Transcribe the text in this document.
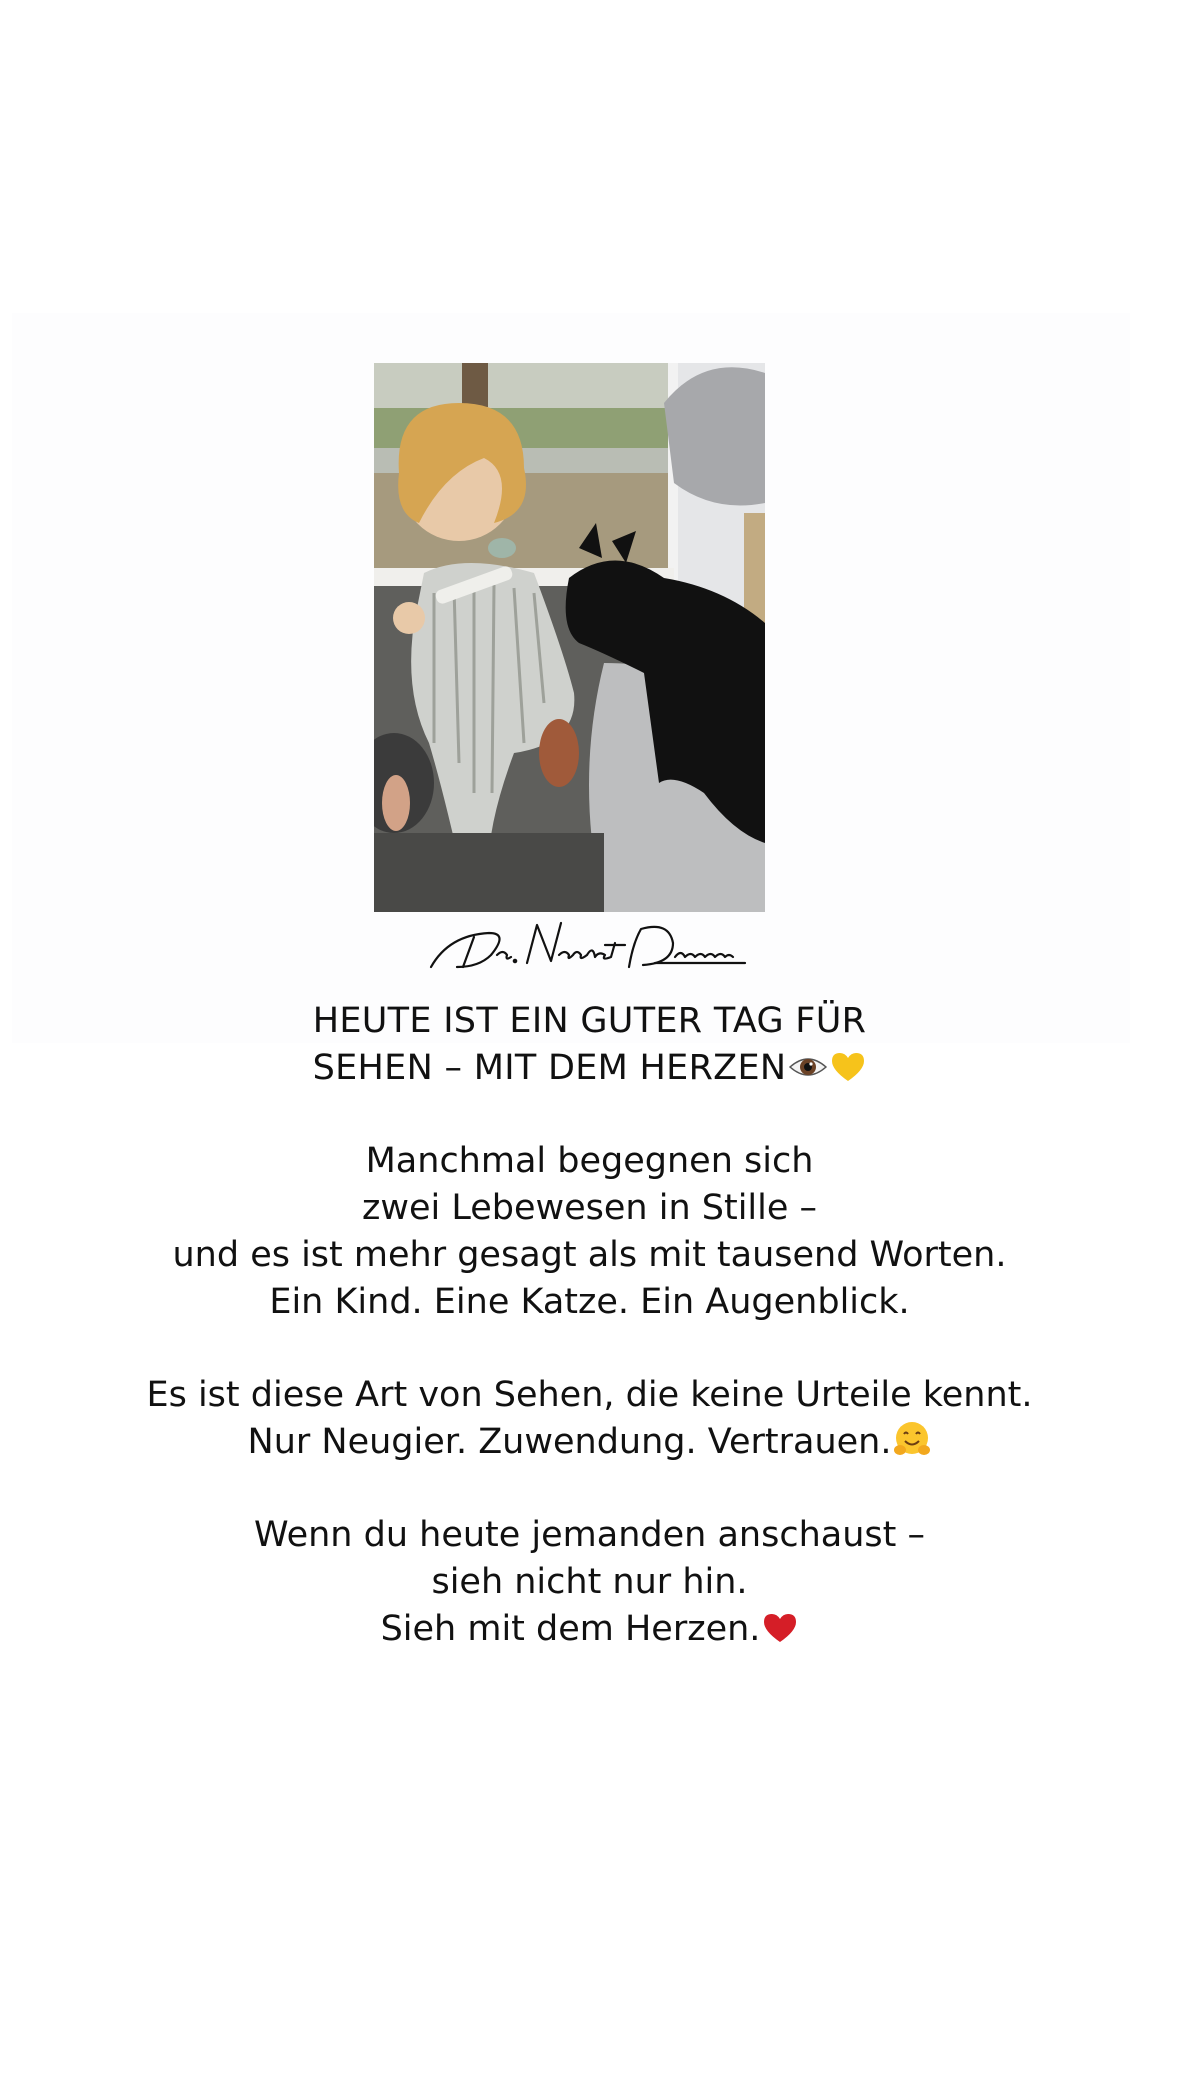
HEUTE IST EIN GUTER TAG FÜR
SEHEN – MIT DEM HERZEN

Manchmal begegnen sich
zwei Lebewesen in Stille –
und es ist mehr gesagt als mit tausend Worten.
Ein Kind. Eine Katze. Ein Augenblick.

Es ist diese Art von Sehen, die keine Urteile kennt.
Nur Neugier. Zuwendung. Vertrauen.

Wenn du heute jemanden anschaust –
sieh nicht nur hin.
Sieh mit dem Herzen.
